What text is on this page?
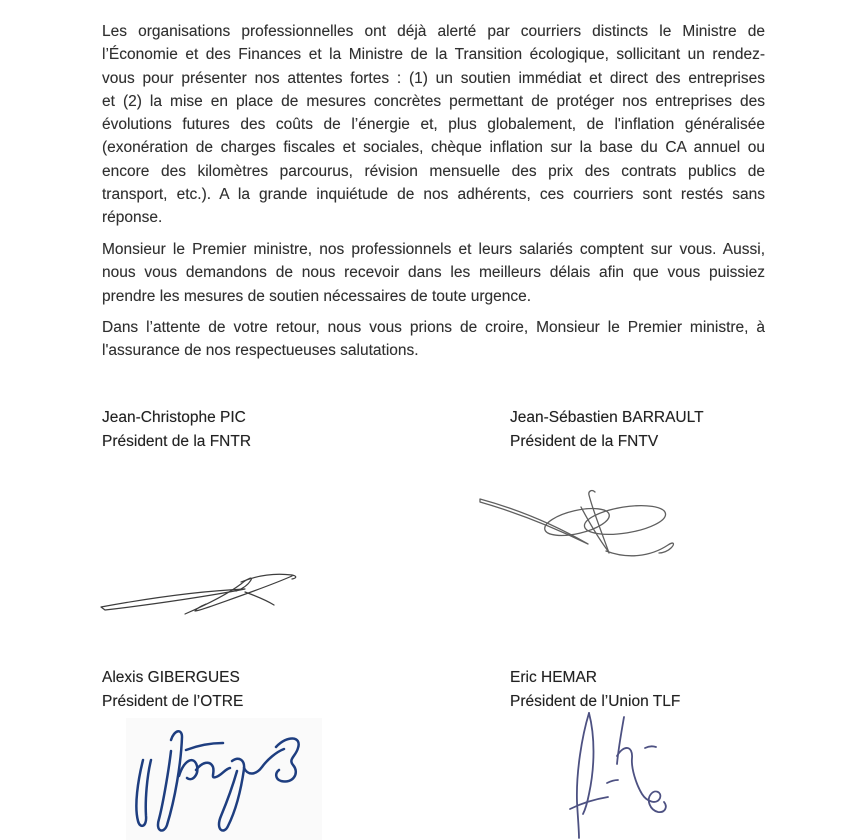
Les organisations professionnelles ont déjà alerté par courriers distincts le Ministre de
l’Économie et des Finances et la Ministre de la Transition écologique, sollicitant un rendez-
vous pour présenter nos attentes fortes : (1) un soutien immédiat et direct des entreprises
et (2) la mise en place de mesures concrètes permettant de protéger nos entreprises des
évolutions futures des coûts de l’énergie et, plus globalement, de l'inflation généralisée
(exonération de charges fiscales et sociales, chèque inflation sur la base du CA annuel ou
encore des kilomètres parcourus, révision mensuelle des prix des contrats publics de
transport, etc.). A la grande inquiétude de nos adhérents, ces courriers sont restés sans
réponse.
Monsieur le Premier ministre, nos professionnels et leurs salariés comptent sur vous. Aussi,
nous vous demandons de nous recevoir dans les meilleurs délais afin que vous puissiez
prendre les mesures de soutien nécessaires de toute urgence.
Dans l’attente de votre retour, nous vous prions de croire, Monsieur le Premier ministre, à
l'assurance de nos respectueuses salutations.
Jean-Christophe PIC
Président de la FNTR
Jean-Sébastien BARRAULT
Président de la FNTV
Alexis GIBERGUES
Président de l’OTRE
Eric HEMAR
Président de l’Union TLF
